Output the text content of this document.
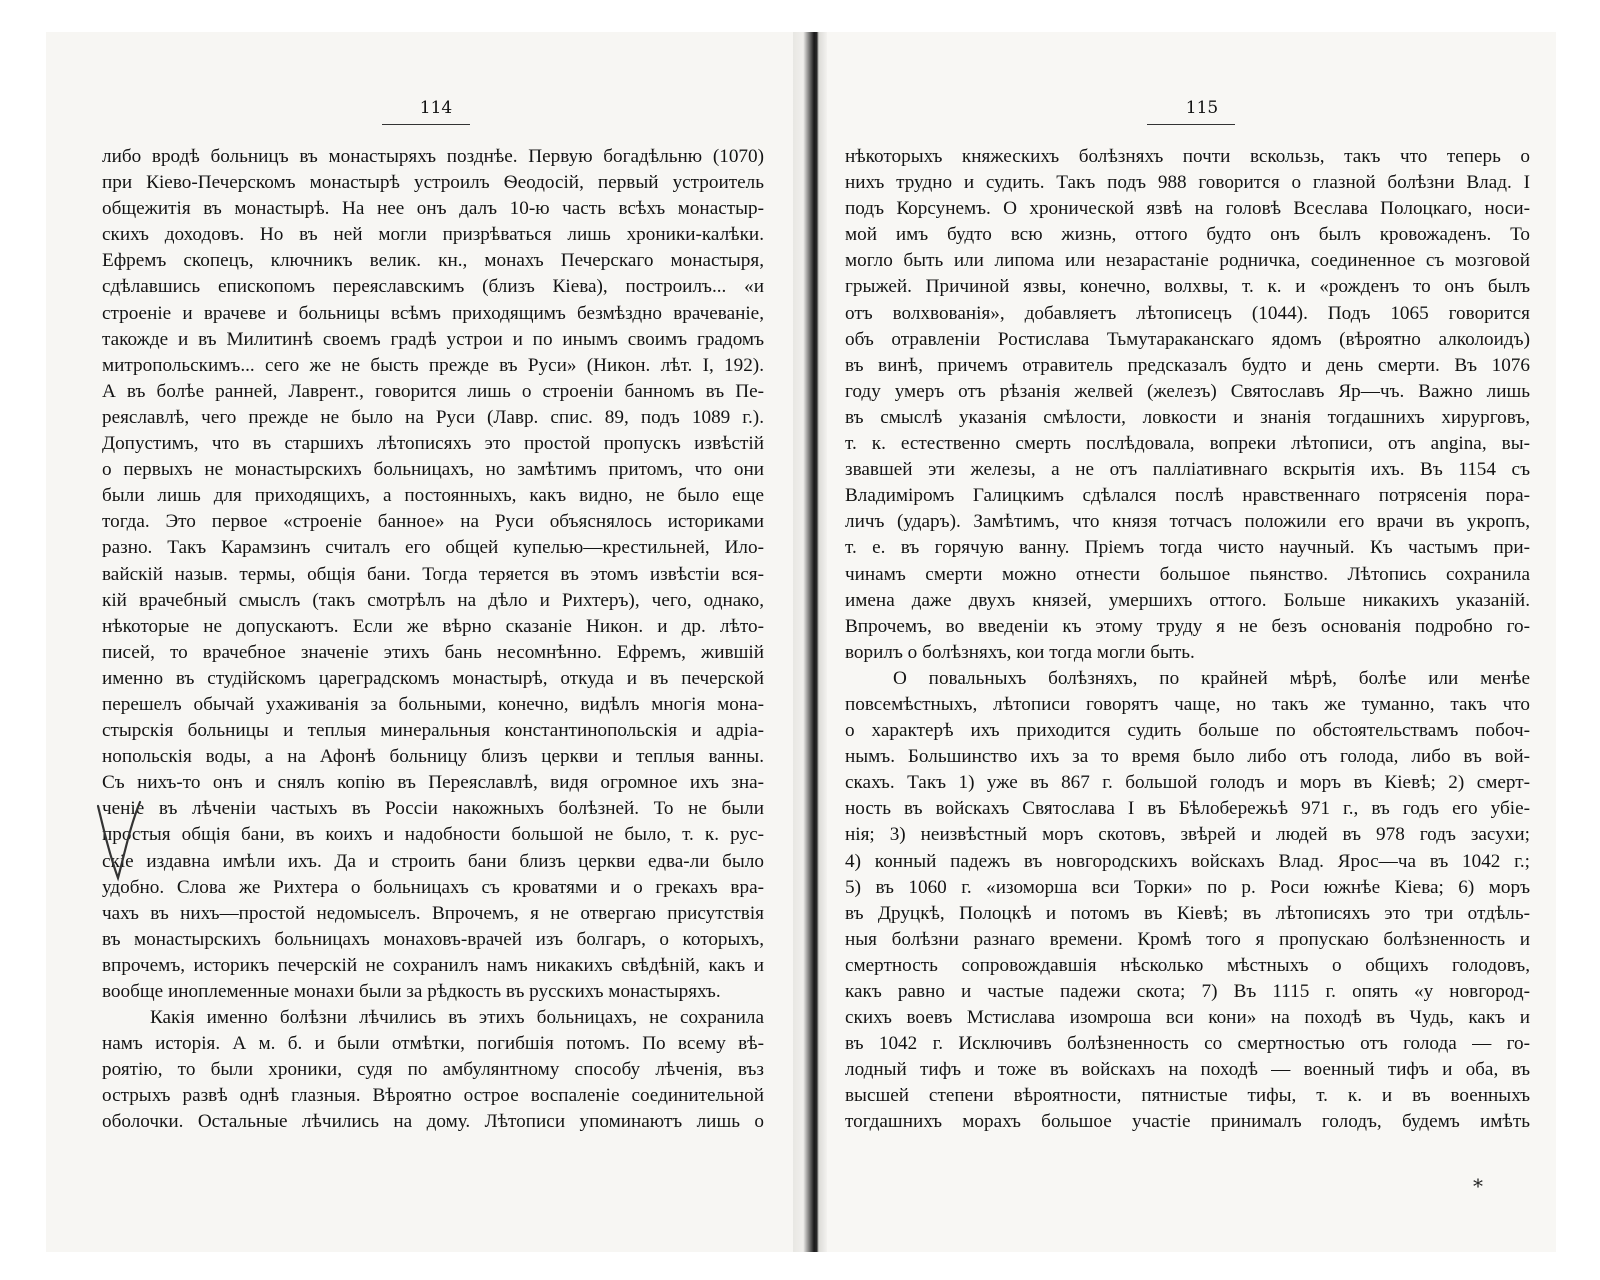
114
либо вродѣ больницъ въ монастыряхъ позднѣе. Первую богадѣльню (1070)
при Кіево-Печерскомъ монастырѣ устроилъ Ѳеодосій, первый устроитель
общежитія въ монастырѣ. На нее онъ далъ 10-ю часть всѣхъ монастыр-
скихъ доходовъ. Но въ ней могли призрѣваться лишь хроники-калѣки.
Ефремъ скопецъ, ключникъ велик. кн., монахъ Печерскаго монастыря,
сдѣлавшись епископомъ переяславскимъ (близъ Кіева), построилъ... «и
строеніе и врачеве и больницы всѣмъ приходящимъ безмѣздно врачеваніе,
такожде и въ Милитинѣ своемъ градѣ устрои и по инымъ своимъ градомъ
митропольскимъ... сего же не бысть прежде въ Руси» (Никон. лѣт. I, 192).
А въ болѣе ранней, Лаврент., говорится лишь о строеніи банномъ въ Пе-
реяславлѣ, чего прежде не было на Руси (Лавр. спис. 89, подъ 1089 г.).
Допустимъ, что въ старшихъ лѣтописяхъ это простой пропускъ извѣстій
о первыхъ не монастырскихъ больницахъ, но замѣтимъ притомъ, что они
были лишь для приходящихъ, а постоянныхъ, какъ видно, не было еще
тогда. Это первое «строеніе банное» на Руси объяснялось историками
разно. Такъ Карамзинъ считалъ его общей купелью—крестильней, Ило-
вайскій назыв. термы, общія бани. Тогда теряется въ этомъ извѣстіи вся-
кій врачебный смыслъ (такъ смотрѣлъ на дѣло и Рихтеръ), чего, однако,
нѣкоторые не допускаютъ. Если же вѣрно сказаніе Никон. и др. лѣто-
писей, то врачебное значеніе этихъ бань несомнѣнно. Ефремъ, жившій
именно въ студійскомъ цареградскомъ монастырѣ, откуда и въ печерской
перешелъ обычай ухаживанія за больными, конечно, видѣлъ многія мона-
стырскія больницы и теплыя минеральныя константинопольскія и адріа-
нопольскія воды, а на Афонѣ больницу близъ церкви и теплыя ванны.
Съ нихъ-то онъ и снялъ копію въ Переяславлѣ, видя огромное ихъ зна-
ченіе въ лѣченіи частыхъ въ Россіи накожныхъ болѣзней. То не были
простыя общія бани, въ коихъ и надобности большой не было, т. к. рус-
скіе издавна имѣли ихъ. Да и строить бани близъ церкви едва-ли было
удобно. Слова же Рихтера о больницахъ съ кроватями и о грекахъ вра-
чахъ въ нихъ—простой недомыселъ. Впрочемъ, я не отвергаю присутствія
въ монастырскихъ больницахъ монаховъ-врачей изъ болгаръ, о которыхъ,
впрочемъ, историкъ печерскій не сохранилъ намъ никакихъ свѣдѣній, какъ и
вообще иноплеменные монахи были за рѣдкость въ русскихъ монастыряхъ.
Какія именно болѣзни лѣчились въ этихъ больницахъ, не сохранила
намъ исторія. А м. б. и были отмѣтки, погибшія потомъ. По всему вѣ-
роятію, то были хроники, судя по амбулянтному способу лѣченія, въз
острыхъ развѣ однѣ глазныя. Вѣроятно острое воспаленіе соединительной
оболочки. Остальные лѣчились на дому. Лѣтописи упоминаютъ лишь о
115
нѣкоторыхъ княжескихъ болѣзняхъ почти вскользь, такъ что теперь о
нихъ трудно и судить. Такъ подъ 988 говорится о глазной болѣзни Влад. I
подъ Корсунемъ. О хронической язвѣ на головѣ Всеслава Полоцкаго, носи-
мой имъ будто всю жизнь, оттого будто онъ былъ кровожаденъ. То
могло быть или липома или незарастаніе родничка, соединенное съ мозговой
грыжей. Причиной язвы, конечно, волхвы, т. к. и «рожденъ то онъ былъ
отъ волхвованія», добавляетъ лѣтописецъ (1044). Подъ 1065 говорится
объ отравленіи Ростислава Тьмутараканскаго ядомъ (вѣроятно алколоидъ)
въ винѣ, причемъ отравитель предсказалъ будто и день смерти. Въ 1076
году умеръ отъ рѣзанія желвей (железъ) Святославъ Яр—чъ. Важно лишь
въ смыслѣ указанія смѣлости, ловкости и знанія тогдашнихъ хирурговъ,
т. к. естественно смерть послѣдовала, вопреки лѣтописи, отъ angina, вы-
звавшей эти железы, а не отъ паллiативнаго вскрытія ихъ. Въ 1154 съ
Владиміромъ Галицкимъ сдѣлался послѣ нравственнаго потрясенія пора-
личъ (ударъ). Замѣтимъ, что князя тотчасъ положили его врачи въ укропъ,
т. е. въ горячую ванну. Пріемъ тогда чисто научный. Къ частымъ при-
чинамъ смерти можно отнести большое пьянство. Лѣтопись сохранила
имена даже двухъ князей, умершихъ оттого. Больше никакихъ указаній.
Впрочемъ, во введеніи къ этому труду я не безъ основанія подробно го-
ворилъ о болѣзняхъ, кои тогда могли быть.
О повальныхъ болѣзняхъ, по крайней мѣрѣ, болѣе или менѣе
повсемѣстныхъ, лѣтописи говорятъ чаще, но такъ же туманно, такъ что
о характерѣ ихъ приходится судить больше по обстоятельствамъ побоч-
нымъ. Большинство ихъ за то время было либо отъ голода, либо въ вой-
скахъ. Такъ 1) уже въ 867 г. большой голодъ и моръ въ Кіевѣ; 2) смерт-
ность въ войскахъ Святослава I въ Бѣлобережьѣ 971 г., въ годъ его убіе-
нія; 3) неизвѣстный моръ скотовъ, звѣрей и людей въ 978 годъ засухи;
4) конный падежъ въ новгородскихъ войскахъ Влад. Ярос—ча въ 1042 г.;
5) въ 1060 г. «изоморша вси Торки» по р. Роси южнѣе Кіева; 6) моръ
въ Друцкѣ, Полоцкѣ и потомъ въ Кіевѣ; въ лѣтописяхъ это три отдѣль-
ныя болѣзни разнаго времени. Кромѣ того я пропускаю болѣзненность и
смертность сопровождавшія нѣсколько мѣстныхъ о общихъ голодовъ,
какъ равно и частые падежи скота; 7) Въ 1115 г. опять «у новгород-
скихъ воевъ Мстислава изомроша вси кони» на походѣ въ Чудь, какъ и
въ 1042 г. Исключивъ болѣзненность со смертностью отъ голода — го-
лодный тифъ и тоже въ войскахъ на походѣ — военный тифъ и оба, въ
высшей степени вѣроятности, пятнистые тифы, т. к. и въ военныхъ
тогдашнихъ морахъ большое участіе принималъ голодъ, будемъ имѣть
*
